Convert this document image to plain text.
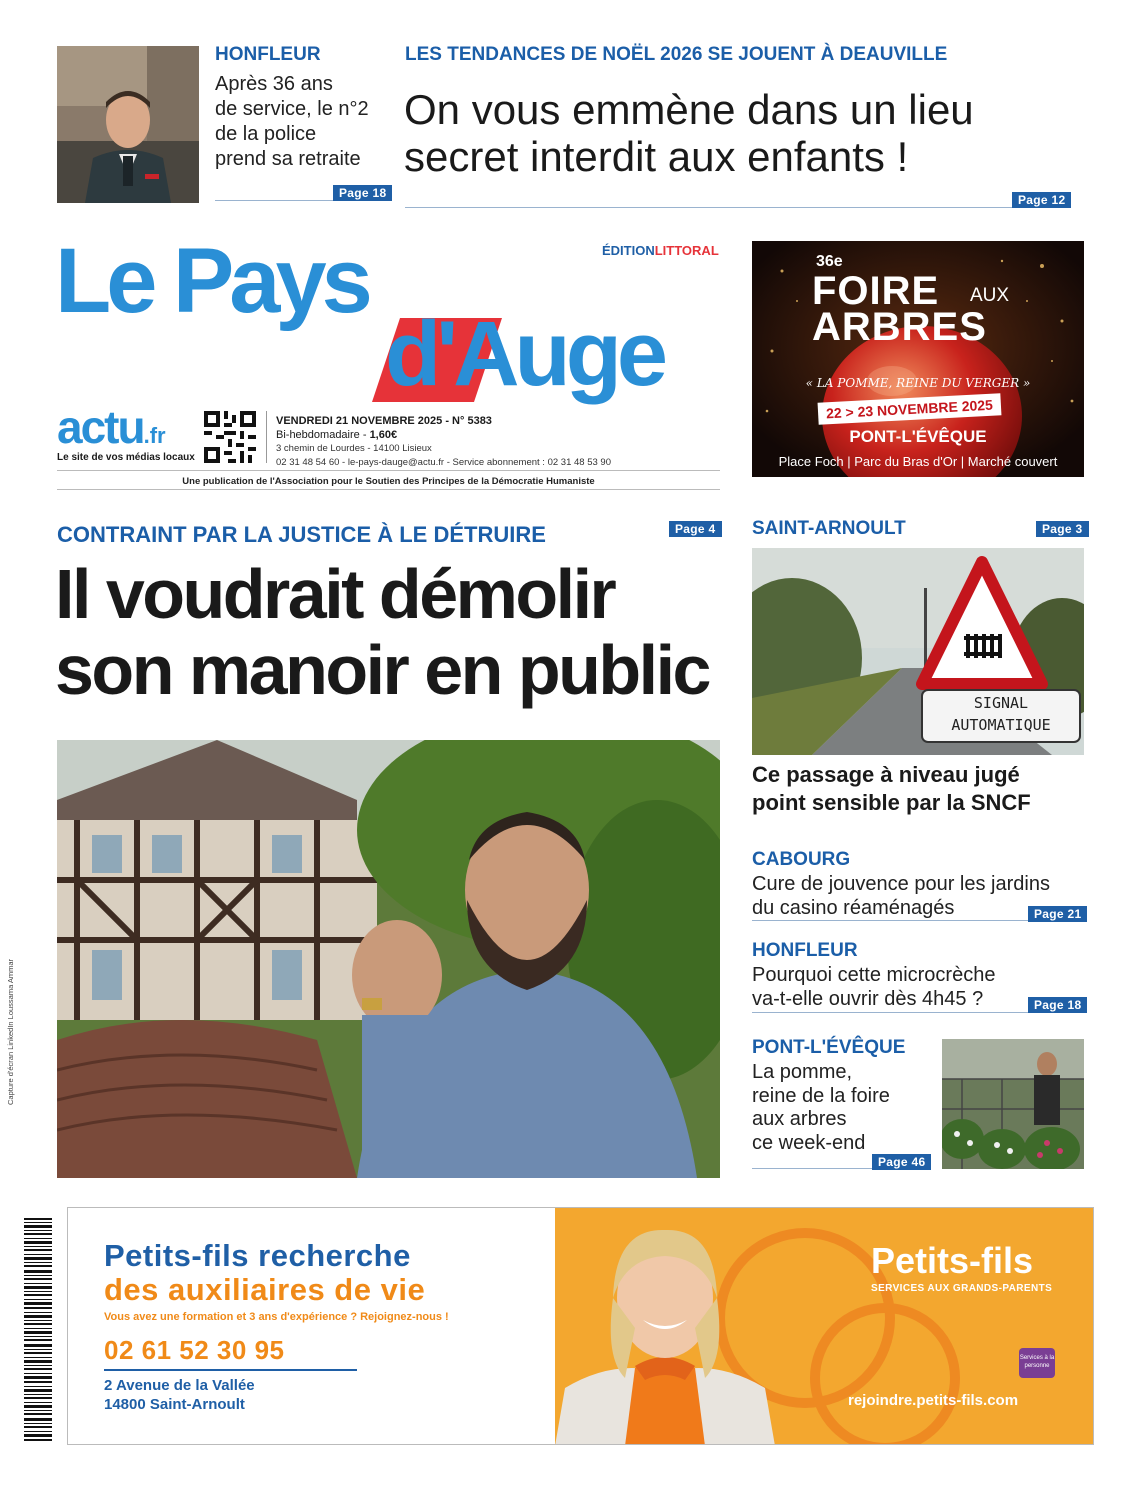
HONFLEUR
Après 36 ans
de service, le n°2
de la police
prend sa retraite
Page 18
LES TENDANCES DE NOËL 2026 SE JOUENT À DEAUVILLE
On vous emmène dans un lieu
secret interdit aux enfants !
Page 12
Le Pays
d'Auge
ÉDITIONLITTORAL
actu.fr
Le site de vos médias locaux
VENDREDI 21 NOVEMBRE 2025 - N° 5383
Bi-hebdomadaire - 1,60€
3 chemin de Lourdes - 14100 Lisieux
02 31 48 54 60 - le-pays-dauge@actu.fr - Service abonnement : 02 31 48 53 90
Une publication de l'Association pour le Soutien des Principes de la Démocratie Humaniste
36e
FOIRE AUX
ARBRES
« LA POMME, REINE DU VERGER »
22 > 23 NOVEMBRE 2025
PONT-L'ÉVÊQUE
Place Foch | Parc du Bras d'Or | Marché couvert
CONTRAINT PAR LA JUSTICE À LE DÉTRUIRE	Page 4
Il voudrait démolir
son manoir en public
Capture d'écran LinkedIn Loussama Ammar
SAINT-ARNOULT	Page 3
SIGNAL
AUTOMATIQUE
Ce passage à niveau jugé
point sensible par la SNCF
CABOURG
Cure de jouvence pour les jardins
du casino réaménagés	Page 21
HONFLEUR
Pourquoi cette microcrèche
va-t-elle ouvrir dès 4h45 ?	Page 18
PONT-L'ÉVÊQUE
La pomme,
reine de la foire
aux arbres
ce week-end
Page 46
Petits-fils recherche
des auxiliaires de vie
Vous avez une formation et 3 ans d'expérience ? Rejoignez-nous !
02 61 52 30 95
2 Avenue de la Vallée
14800 Saint-Arnoult
Petits-fils
SERVICES AUX GRANDS-PARENTS
Services à la personne
rejoindre.petits-fils.com
